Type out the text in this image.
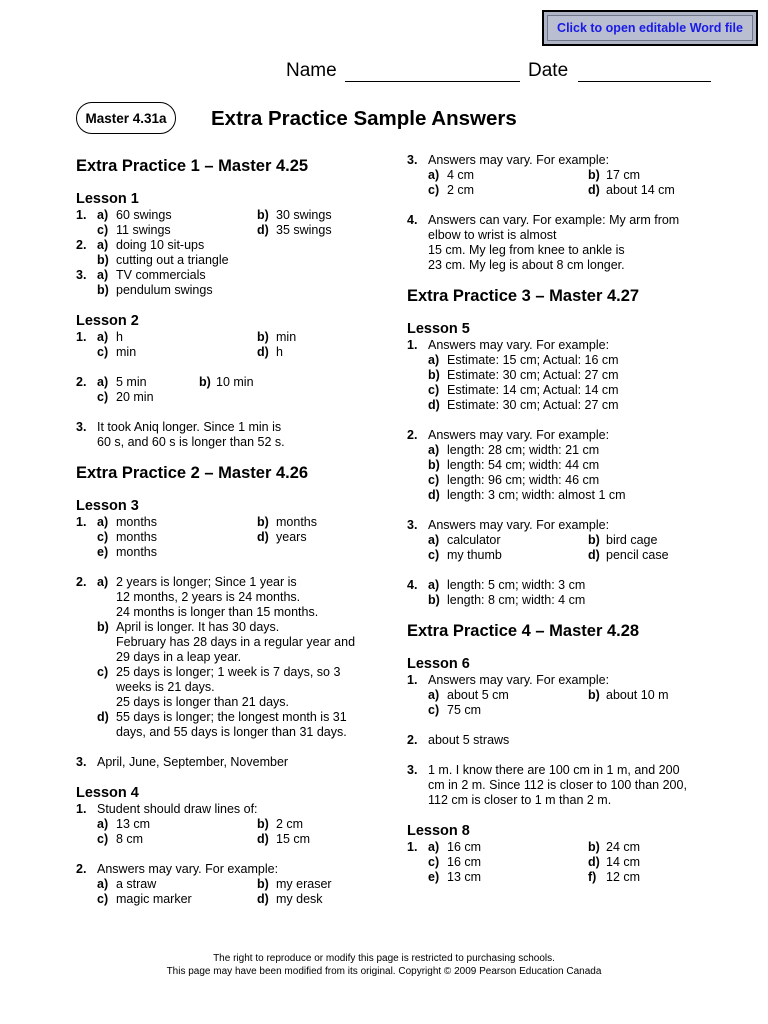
Click to open editable Word file
Name	Date
Master 4.31a	Extra Practice Sample Answers
Extra Practice 1 – Master 4.25
Lesson 1
1. a) 60 swings	b) 30 swings
c) 11 swings	d) 35 swings
2. a) doing 10 sit-ups
b) cutting out a triangle
3. a) TV commercials
b) pendulum swings
Lesson 2
1. a) h	b) min
c) min	d) h
2. a) 5 min	b) 10 min
c) 20 min
3. It took Aniq longer. Since 1 min is
60 s, and 60 s is longer than 52 s.
Extra Practice 2 – Master 4.26
Lesson 3
1. a) months	b) months
c) months	d) years
e) months
2. a) 2 years is longer; Since 1 year is
12 months, 2 years is 24 months.
24 months is longer than 15 months.
b) April is longer. It has 30 days.
February has 28 days in a regular year and
29 days in a leap year.
c) 25 days is longer; 1 week is 7 days, so 3
weeks is 21 days.
25 days is longer than 21 days.
d) 55 days is longer; the longest month is 31
days, and 55 days is longer than 31 days.
3. April, June, September, November
Lesson 4
1. Student should draw lines of:
a) 13 cm	b) 2 cm
c) 8 cm	d) 15 cm
2. Answers may vary. For example:
a) a straw	b) my eraser
c) magic marker	d) my desk
3. Answers may vary. For example:
a) 4 cm	b) 17 cm
c) 2 cm	d) about 14 cm
4. Answers can vary. For example: My arm from
elbow to wrist is almost
15 cm. My leg from knee to ankle is
23 cm. My leg is about 8 cm longer.
Extra Practice 3 – Master 4.27
Lesson 5
1. Answers may vary. For example:
a) Estimate: 15 cm; Actual: 16 cm
b) Estimate: 30 cm; Actual: 27 cm
c) Estimate: 14 cm; Actual: 14 cm
d) Estimate: 30 cm; Actual: 27 cm
2. Answers may vary. For example:
a) length: 28 cm; width: 21 cm
b) length: 54 cm; width: 44 cm
c) length: 96 cm; width: 46 cm
d) length: 3 cm; width: almost 1 cm
3. Answers may vary. For example:
a) calculator	b) bird cage
c) my thumb	d) pencil case
4. a) length: 5 cm; width: 3 cm
b) length: 8 cm; width: 4 cm
Extra Practice 4 – Master 4.28
Lesson 6
1. Answers may vary. For example:
a) about 5 cm	b) about 10 m
c) 75 cm
2. about 5 straws
3. 1 m. I know there are 100 cm in 1 m, and 200
cm in 2 m. Since 112 is closer to 100 than 200,
112 cm is closer to 1 m than 2 m.
Lesson 8
1. a) 16 cm	b) 24 cm
c) 16 cm	d) 14 cm
e) 13 cm	f) 12 cm
The right to reproduce or modify this page is restricted to purchasing schools.
This page may have been modified from its original. Copyright © 2009 Pearson Education Canada
